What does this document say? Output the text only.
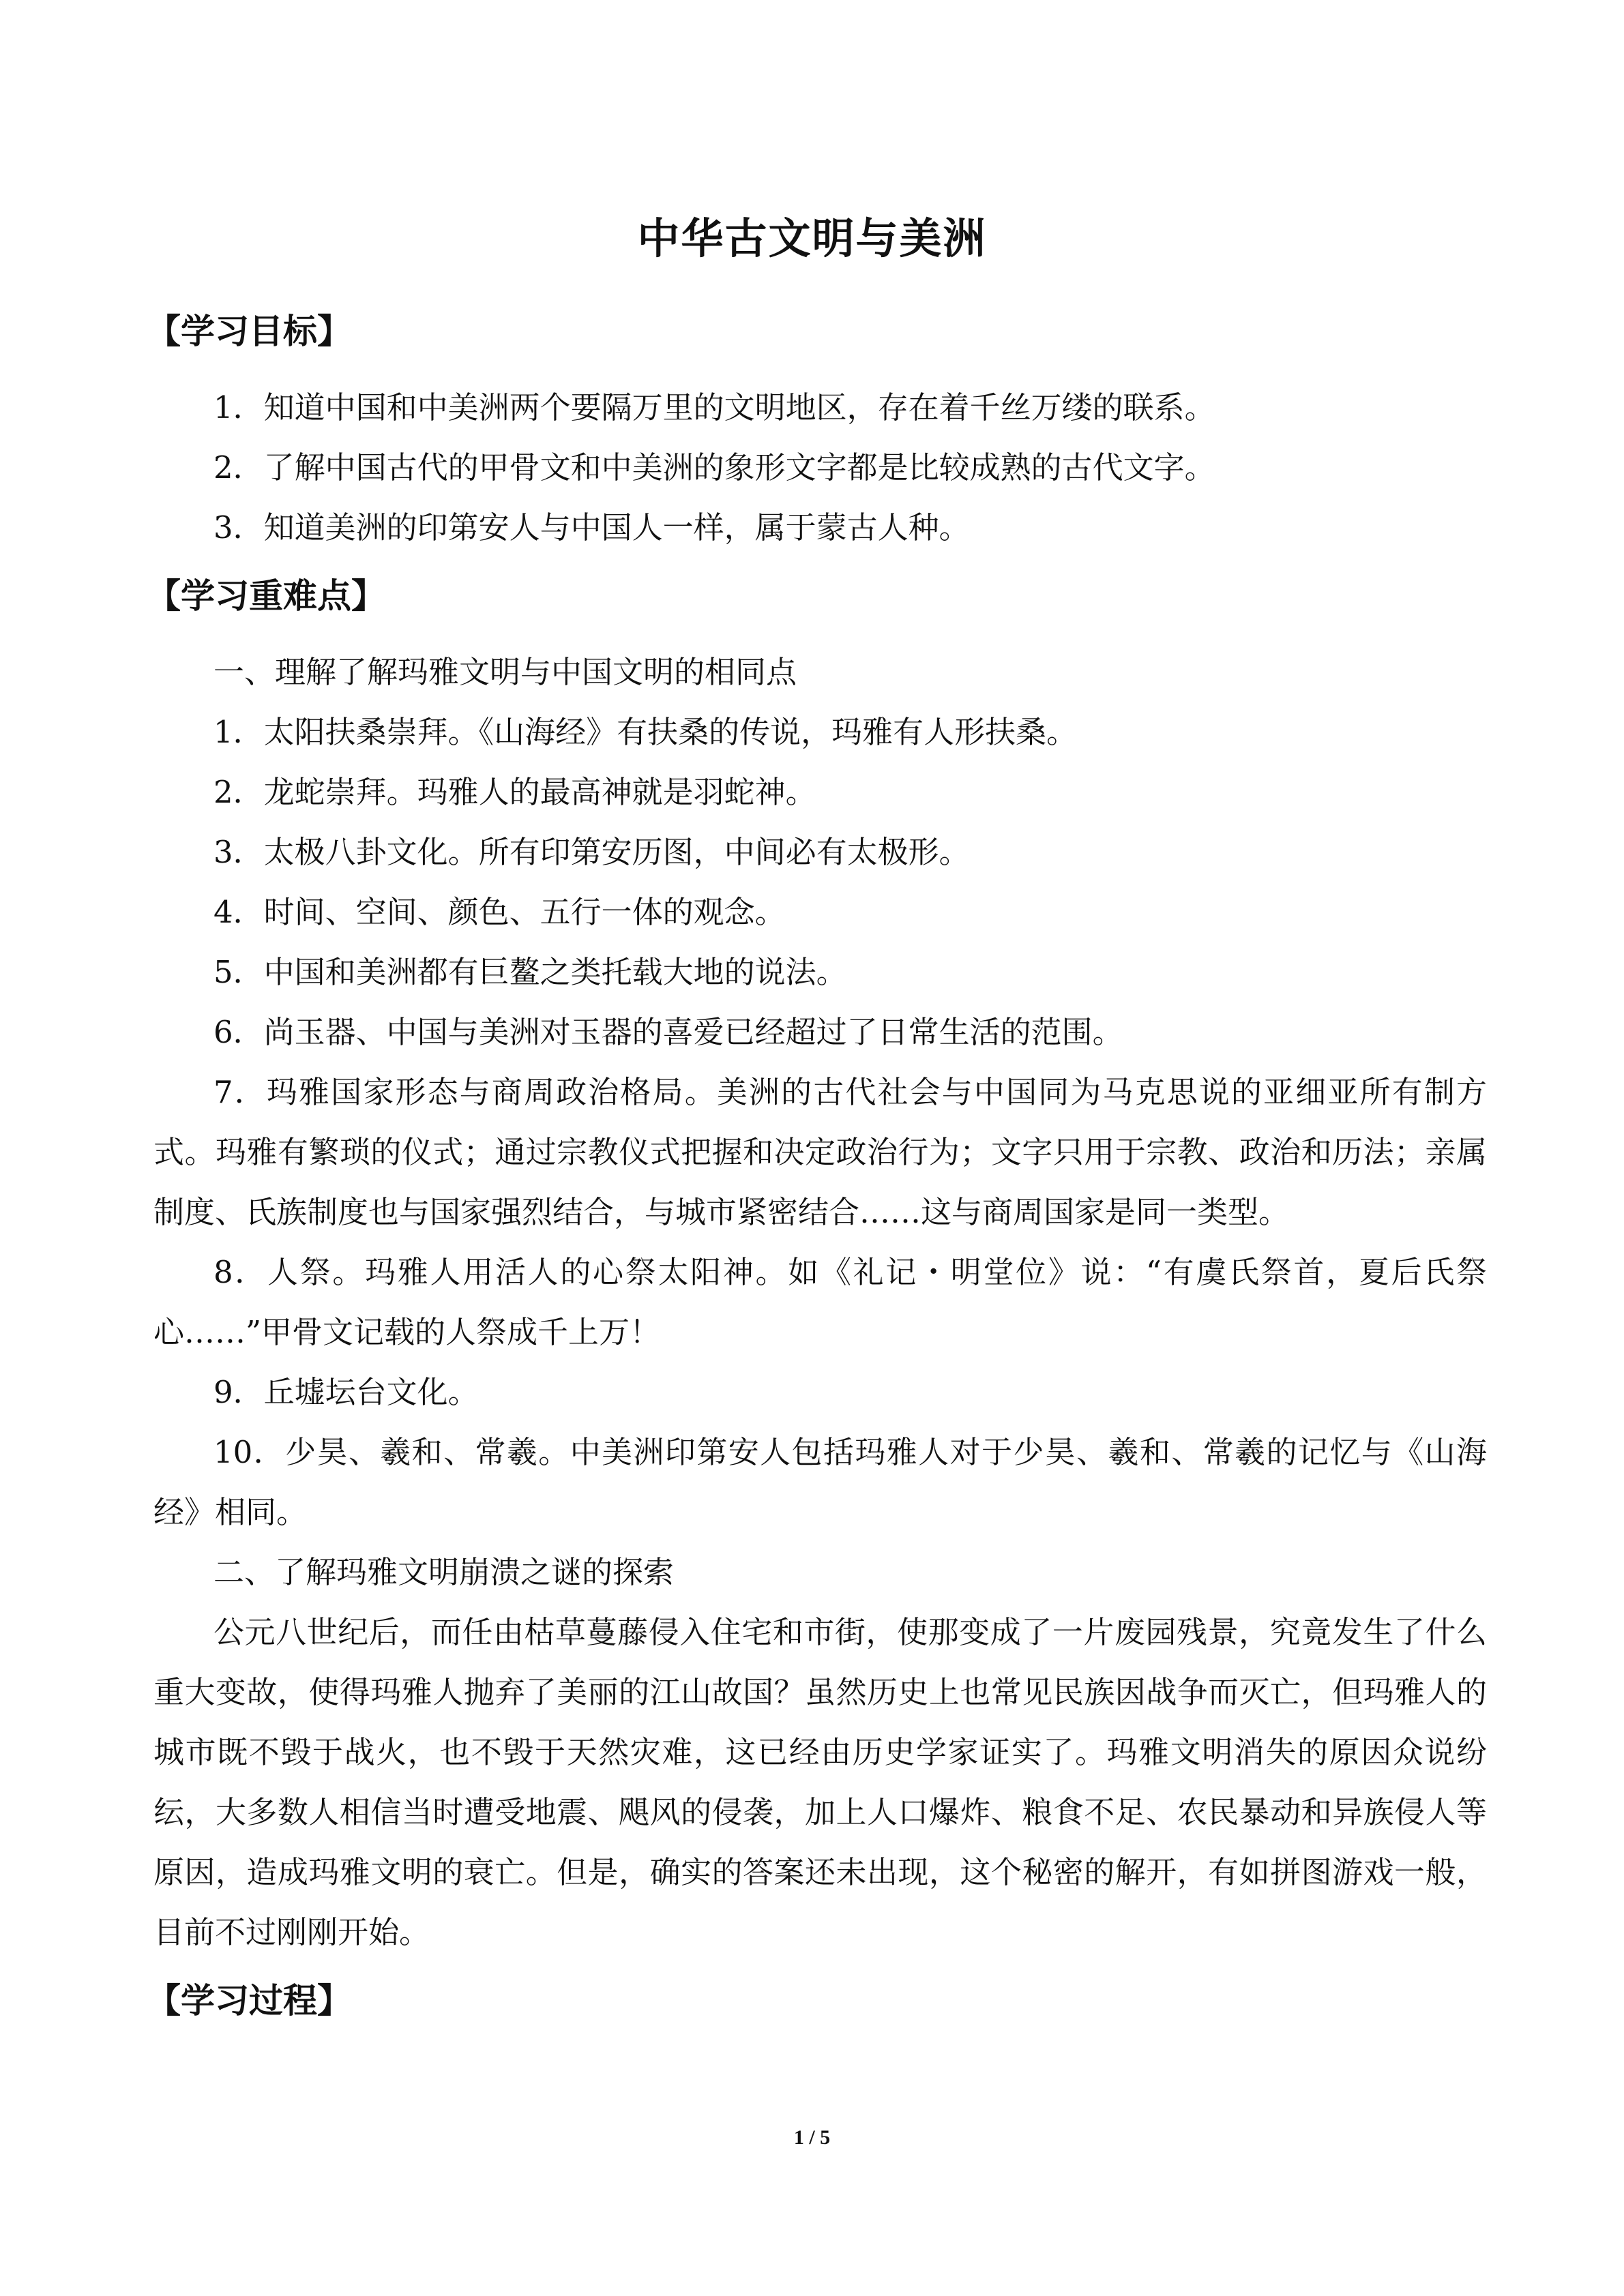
中华古文明与美洲
【学习目标】

1．知道中国和中美洲两个要隔万里的文明地区，存在着千丝万缕的联系。

2．了解中国古代的甲骨文和中美洲的象形文字都是比较成熟的古代文字。

3．知道美洲的印第安人与中国人一样，属于蒙古人种。

【学习重难点】

一、理解了解玛雅文明与中国文明的相同点

1．太阳扶桑崇拜。《山海经》有扶桑的传说，玛雅有人形扶桑。

2．龙蛇崇拜。玛雅人的最高神就是羽蛇神。

3．太极八卦文化。所有印第安历图，中间必有太极形。

4．时间、空间、颜色、五行一体的观念。

5．中国和美洲都有巨鳌之类托载大地的说法。

6．尚玉器、中国与美洲对玉器的喜爱已经超过了日常生活的范围。

7．玛雅国家形态与商周政治格局。美洲的古代社会与中国同为马克思说的亚细亚所有制方式。玛雅有繁琐的仪式；通过宗教仪式把握和决定政治行为；文字只用于宗教、政治和历法；亲属制度、氏族制度也与国家强烈结合，与城市紧密结合……这与商周国家是同一类型。

8．人祭。玛雅人用活人的心祭太阳神。如《礼记・明堂位》说：“有虞氏祭首，夏后氏祭心……”甲骨文记载的人祭成千上万！

9．丘墟坛台文化。

10．少昊、羲和、常羲。中美洲印第安人包括玛雅人对于少昊、羲和、常羲的记忆与《山海经》相同。

二、了解玛雅文明崩溃之谜的探索

公元八世纪后，而任由枯草蔓藤侵入住宅和市街，使那变成了一片废园残景，究竟发生了什么重大变故，使得玛雅人抛弃了美丽的江山故国？虽然历史上也常见民族因战争而灭亡，但玛雅人的城市既不毁于战火，也不毁于天然灾难，这已经由历史学家证实了。玛雅文明消失的原因众说纷纭，大多数人相信当时遭受地震、飓风的侵袭，加上人口爆炸、粮食不足、农民暴动和异族侵人等原因，造成玛雅文明的衰亡。但是，确实的答案还未出现，这个秘密的解开，有如拼图游戏一般，目前不过刚刚开始。

【学习过程】
1 / 5
